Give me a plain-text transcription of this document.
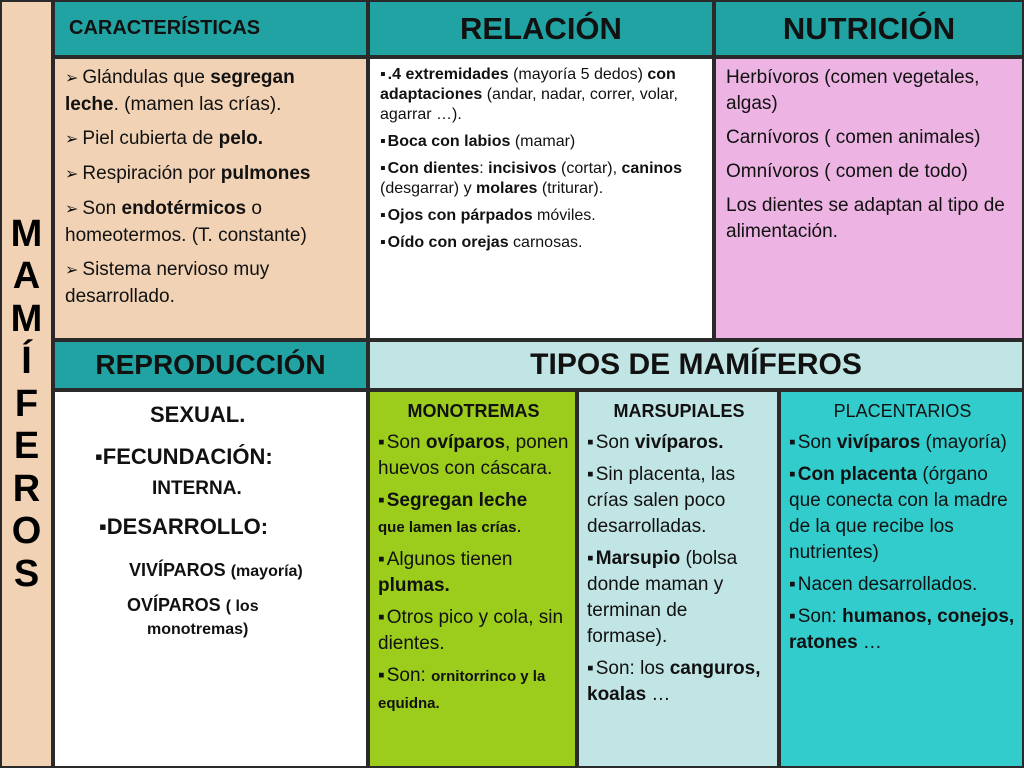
M
A
M
Í
F
E
R
O
S
CARACTERÍSTICAS	RELACIÓN	NUTRICIÓN
➢ Glándulas que segregan
leche. (mamen las crías).
➢ Piel cubierta de pelo.
➢ Respiración por pulmones
➢ Son endotérmicos o homeotermos. (T. constante)
➢ Sistema nervioso muy desarrollado.
▪ .4 extremidades (mayoría 5 dedos) con adaptaciones (andar, nadar, correr, volar, agarrar …).
▪ Boca con labios (mamar)
▪ Con dientes: incisivos (cortar), caninos (desgarrar) y molares (triturar).
▪ Ojos con párpados móviles.
▪ Oído con orejas carnosas.
Herbívoros (comen vegetales, algas)
Carnívoros ( comen animales)
Omnívoros ( comen de todo)
Los dientes se adaptan al tipo de alimentación.
REPRODUCCIÓN	TIPOS DE MAMÍFEROS
SEXUAL.
▪FECUNDACIÓN:
INTERNA.
▪DESARROLLO:
VIVÍPAROS (mayoría)
OVÍPAROS ( los
monotremas)
MONOTREMAS
▪ Son ovíparos, ponen huevos con cáscara.
▪ Segregan leche
que lamen las crías.
▪ Algunos tienen plumas.
▪ Otros pico y cola, sin dientes.
▪ Son: ornitorrinco y la equidna.
MARSUPIALES
▪ Son vivíparos.
▪ Sin placenta, las crías salen poco desarrolladas.
▪ Marsupio (bolsa donde maman y terminan de formase).
▪ Son: los canguros, koalas …
PLACENTARIOS
▪ Son vivíparos (mayoría)
▪ Con placenta (órgano que conecta con la madre de la que recibe los nutrientes)
▪ Nacen desarrollados.
▪ Son: humanos, conejos, ratones …
